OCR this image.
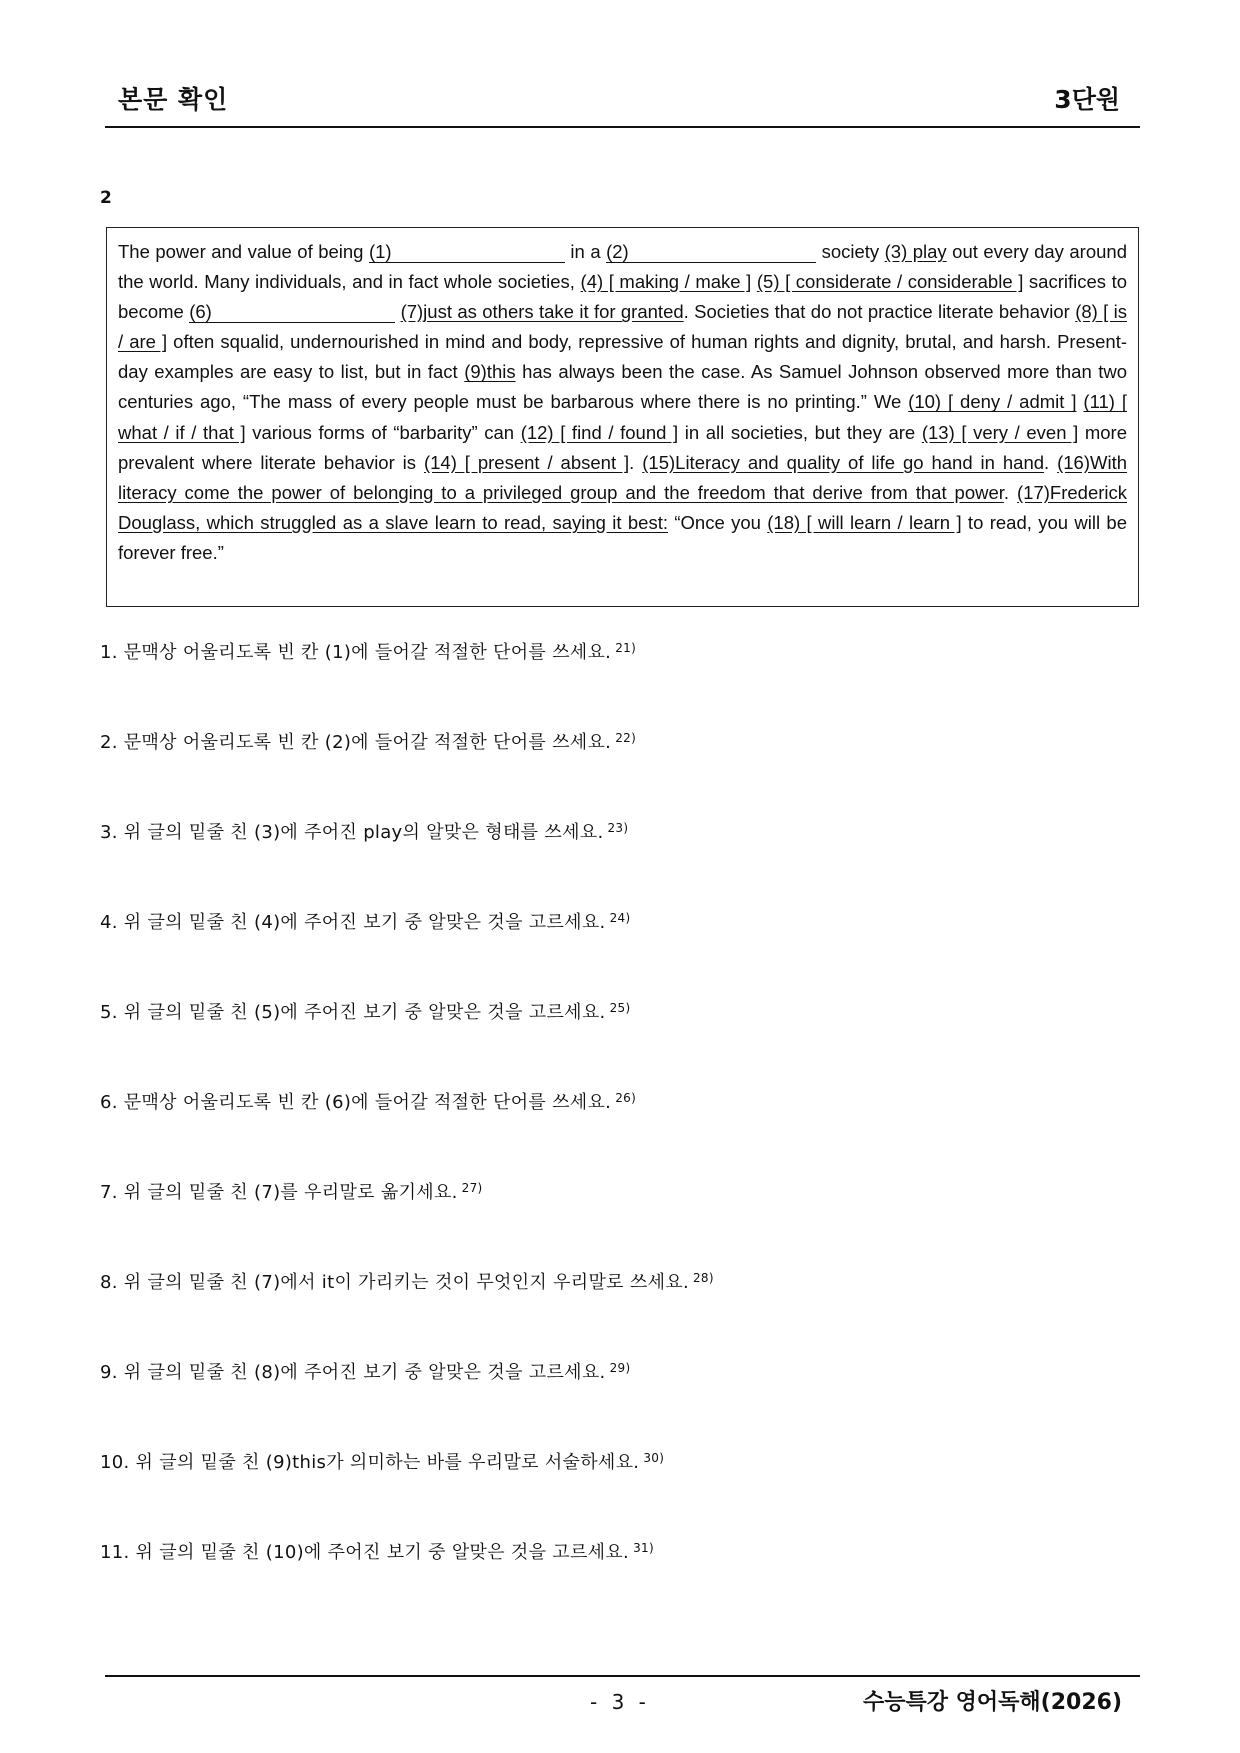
본문 확인	3단원
2
The power and value of being (1)	in a (2)	society (3) play out every day around the world. Many individuals, and in fact whole societies, (4) [ making / make ] (5) [ considerate / considerable ] sacrifices to become (6)	(7)just as others take it for granted. Societies that do not practice literate behavior (8) [ is / are ] often squalid, undernourished in mind and body, repressive of human rights and dignity, brutal, and harsh. Present-day examples are easy to list, but in fact (9)this has always been the case. As Samuel Johnson observed more than two centuries ago, “The mass of every people must be barbarous where there is no printing.” We (10) [ deny / admit ] (11) [ what / if / that ] various forms of “barbarity” can (12) [ find / found ] in all societies, but they are (13) [ very / even ] more prevalent where literate behavior is (14) [ present / absent ]. (15)Literacy and quality of life go hand in hand. (16)With literacy come the power of belonging to a privileged group and the freedom that derive from that power. (17)Frederick Douglass, which struggled as a slave learn to read, saying it best: “Once you (18) [ will learn / learn ] to read, you will be forever free.”
1. 문맥상 어울리도록 빈 칸 (1)에 들어갈 적절한 단어를 쓰세요. $^{21)}$
2. 문맥상 어울리도록 빈 칸 (2)에 들어갈 적절한 단어를 쓰세요. $^{22)}$
3. 위 글의 밑줄 친 (3)에 주어진 play의 알맞은 형태를 쓰세요. $^{23)}$
4. 위 글의 밑줄 친 (4)에 주어진 보기 중 알맞은 것을 고르세요. $^{24)}$
5. 위 글의 밑줄 친 (5)에 주어진 보기 중 알맞은 것을 고르세요. $^{25)}$
6. 문맥상 어울리도록 빈 칸 (6)에 들어갈 적절한 단어를 쓰세요. $^{26)}$
7. 위 글의 밑줄 친 (7)를 우리말로 옮기세요. $^{27)}$
8. 위 글의 밑줄 친 (7)에서 it이 가리키는 것이 무엇인지 우리말로 쓰세요. $^{28)}$
9. 위 글의 밑줄 친 (8)에 주어진 보기 중 알맞은 것을 고르세요. $^{29)}$
10. 위 글의 밑줄 친 (9)this가 의미하는 바를 우리말로 서술하세요. $^{30)}$
11. 위 글의 밑줄 친 (10)에 주어진 보기 중 알맞은 것을 고르세요. $^{31)}$
- 3 -	수능특강 영어독해(2026)
